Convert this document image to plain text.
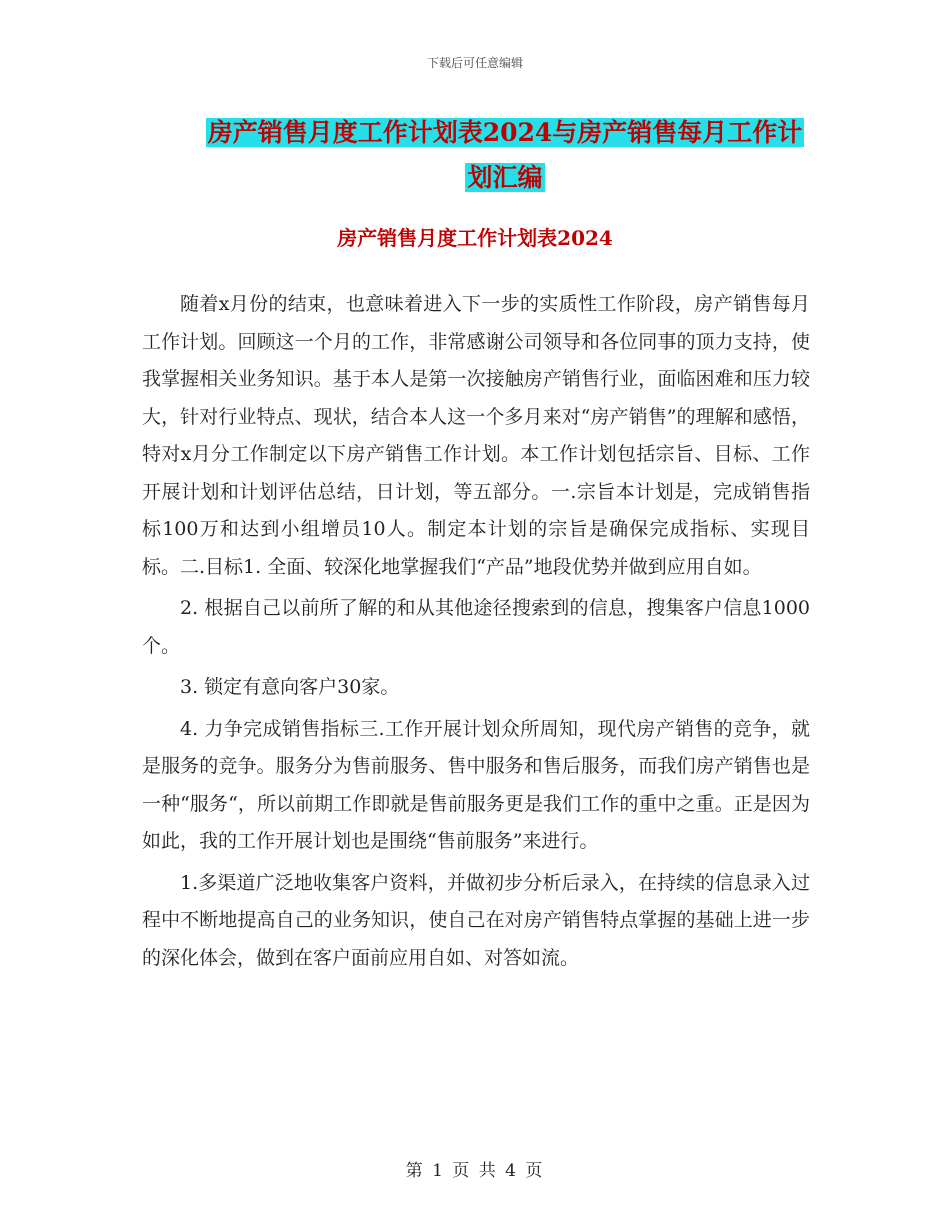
下载后可任意编辑
房产销售月度工作计划表2024与房产销售每月工作计
划汇编
房产销售月度工作计划表2024

随着x月份的结束，也意味着进入下一步的实质性工作阶段，房产销售每月工作计划。回顾这一个月的工作，非常感谢公司领导和各位同事的顶力支持，使我掌握相关业务知识。基于本人是第一次接触房产销售行业，面临困难和压力较大，针对行业特点、现状，结合本人这一个多月来对“房产销售”的理解和感悟，特对x月分工作制定以下房产销售工作计划。本工作计划包括宗旨、目标、工作开展计划和计划评估总结，日计划，等五部分。一.宗旨本计划是，完成销售指标100万和达到小组增员10人。制定本计划的宗旨是确保完成指标、实现目标。二.目标1. 全面、较深化地掌握我们“产品”地段优势并做到应用自如。

2. 根据自己以前所了解的和从其他途径搜索到的信息，搜集客户信息1000个。

3. 锁定有意向客户30家。

4. 力争完成销售指标三.工作开展计划众所周知，现代房产销售的竞争，就是服务的竞争。服务分为售前服务、售中服务和售后服务，而我们房产销售也是一种“服务“，所以前期工作即就是售前服务更是我们工作的重中之重。正是因为如此，我的工作开展计划也是围绕“售前服务”来进行。

1.多渠道广泛地收集客户资料，并做初步分析后录入，在持续的信息录入过程中不断地提高自己的业务知识，使自己在对房产销售特点掌握的基础上进一步的深化体会，做到在客户面前应用自如、对答如流。

第 1 页 共 4 页
